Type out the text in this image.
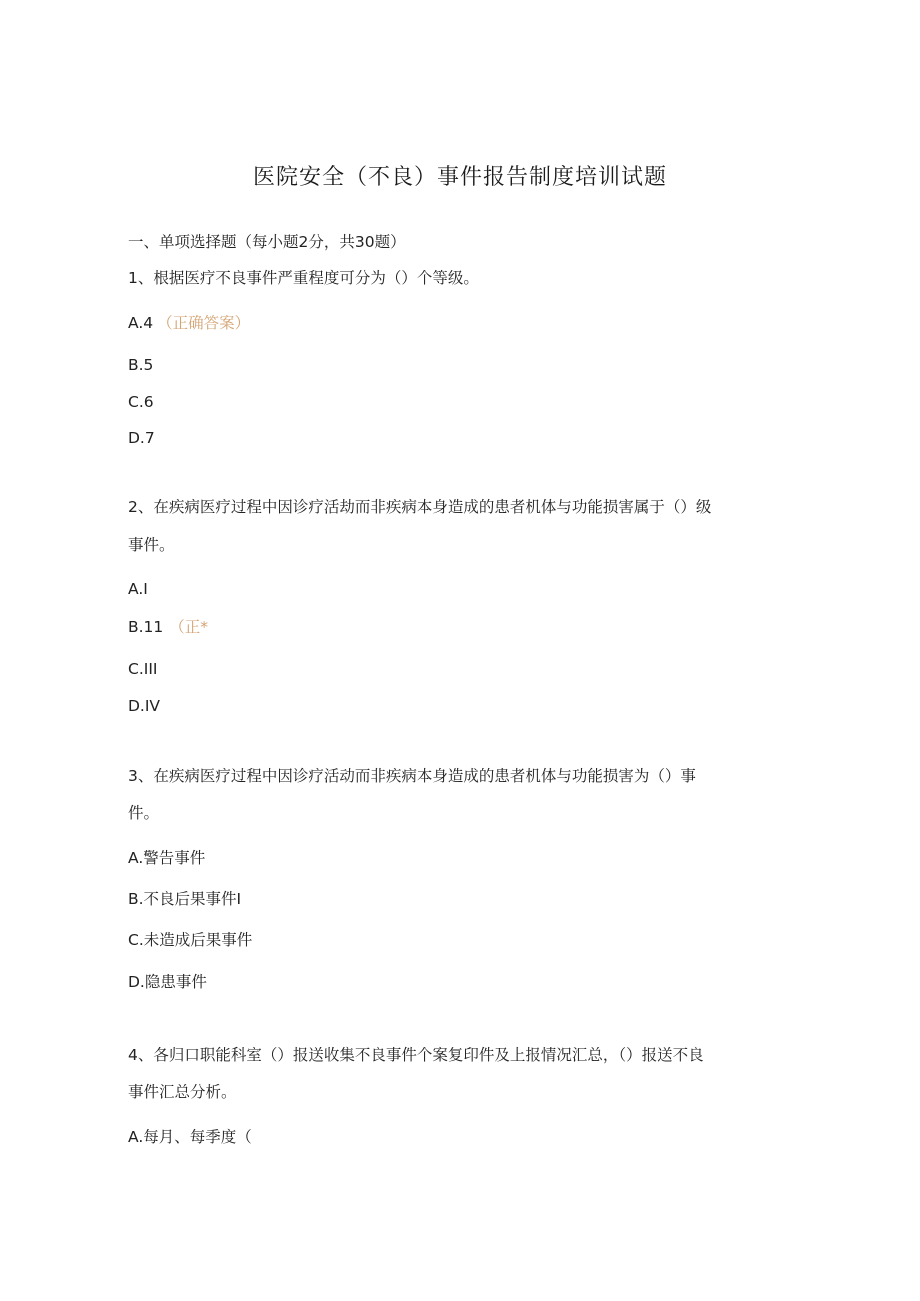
医院安全（不良）事件报告制度培训试题
一、单项选择题（每小题2分，共30题）
1、根据医疗不良事件严重程度可分为（）个等级。
A.4 （正确答案）
B.5
C.6
D.7
2、在疾病医疗过程中因诊疗活劫而非疾病本身造成的患者机体与功能损害属于（）级
事件。
A.I
B.11 （正*
C.III
D.IV
3、在疾病医疗过程中因诊疗活动而非疾病本身造成的患者机体与功能损害为（）事
件。
A.警告事件
B.不良后果事件I
C.未造成后果事件
D.隐患事件
4、各归口职能科室（）报送收集不良事件个案复印件及上报情况汇总，（）报送不良
事件汇总分析。
A.每月、每季度（
